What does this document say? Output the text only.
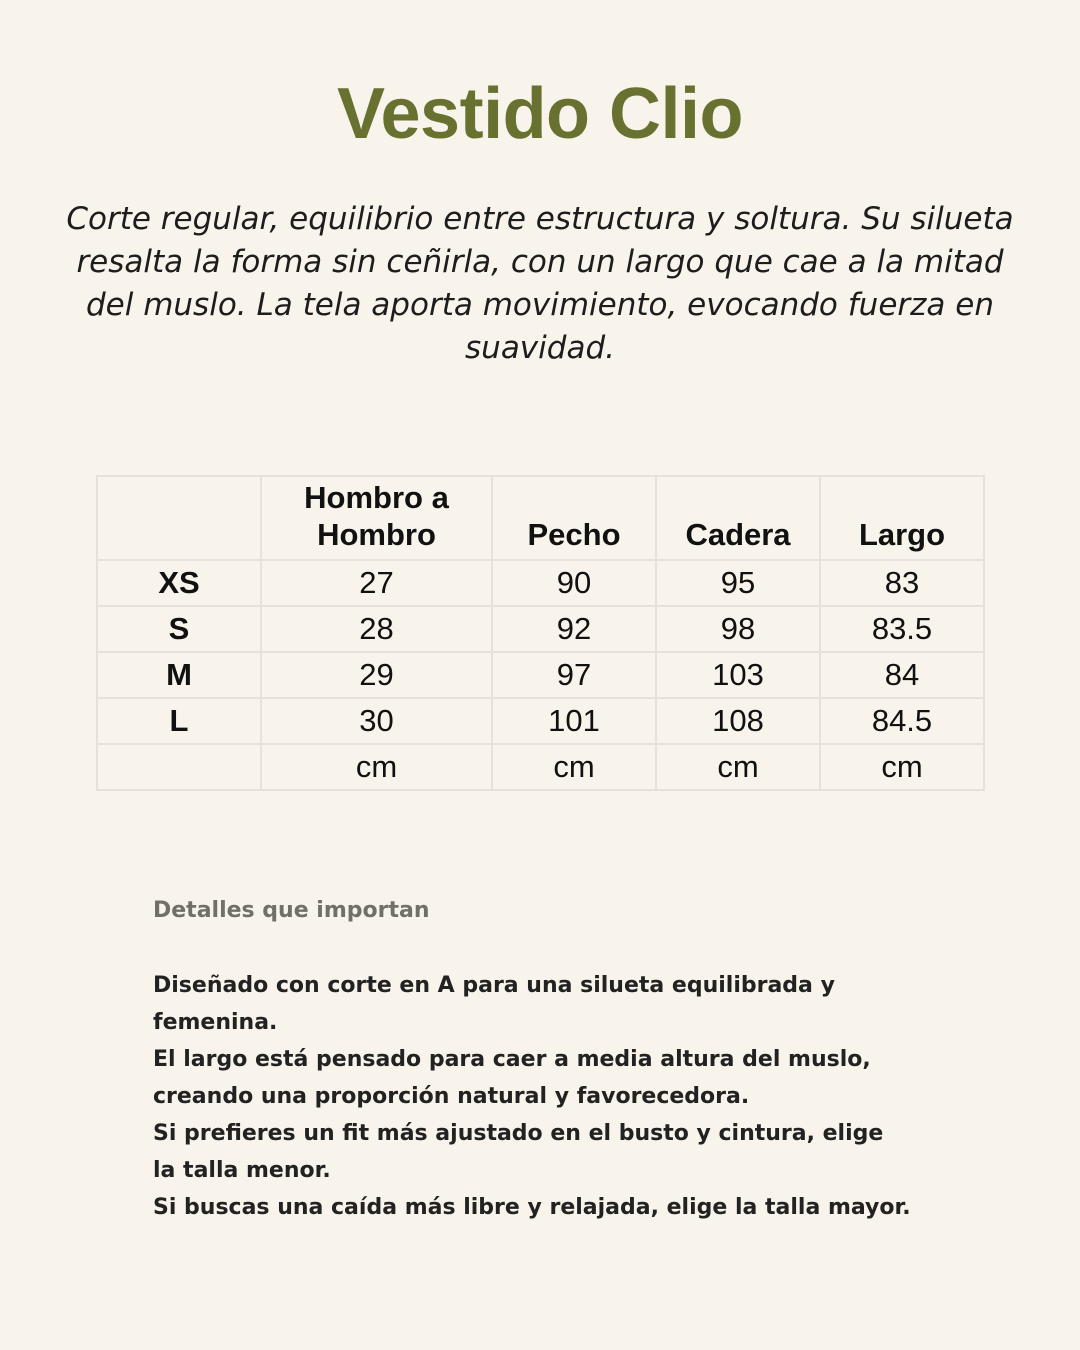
Vestido Clio

Corte regular, equilibrio entre estructura y soltura. Su silueta resalta la forma sin ceñirla, con un largo que cae a la mitad del muslo. La tela aporta movimiento, evocando fuerza en suavidad.

	Hombro a Hombro	Pecho	Cadera	Largo
XS	27	90	95	83
S	28	92	98	83.5
M	29	97	103	84
L	30	101	108	84.5
	cm	cm	cm	cm
Detalles que importan
Diseñado con corte en A para una silueta equilibrada y femenina.
El largo está pensado para caer a media altura del muslo, creando una proporción natural y favorecedora.
Si prefieres un fit más ajustado en el busto y cintura, elige la talla menor.
Si buscas una caída más libre y relajada, elige la talla mayor.
